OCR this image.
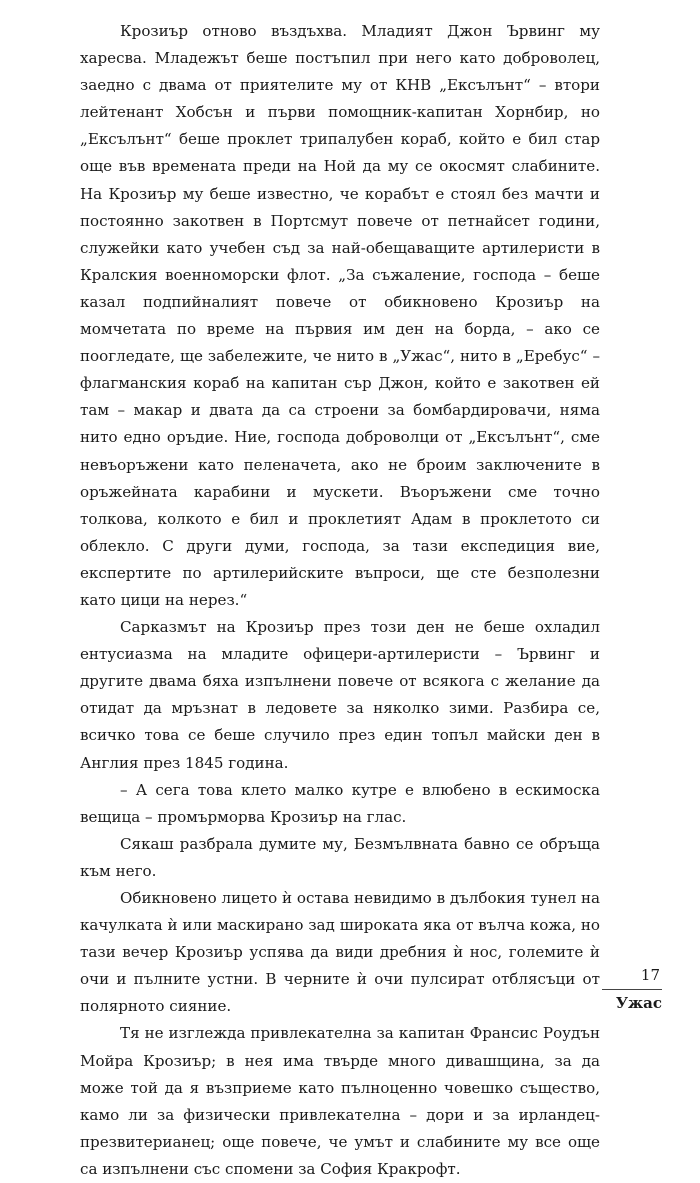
Крозиър отново въздъхва. Младият Джон Ървинг му харесва. Младежът беше постъпил при него като доброволец, заедно с двама от приятелите му от КНВ „Ексълънт“ – втори лейтенант Хобсън и първи помощник-капитан Хорнбир, но „Ексълънт“ беше проклет трипалубен кораб, който е бил стар още във времената преди на Ной да му се окосмят слабините. На Крозиър му беше известно, че корабът е стоял без мачти и постоянно закотвен в Портсмут повече от петнайсет години, служейки като учебен съд за най-обещаващите артилеристи в Кралския военноморски флот. „За съжаление, господа – беше казал подпийналият повече от обикновено Крозиър на момчетата по време на първия им ден на борда, – ако се поогледате, ще забележите, че нито в „Ужас“, нито в „Еребус“ – флагманския кораб на капитан сър Джон, който е закотвен ей там – макар и двата да са строени за бомбардировачи, няма нито едно оръдие. Ние, господа доброволци от „Ексълънт“, сме невъоръжени като пеленачета, ако не броим заключените в оръжейната карабини и мускети. Въоръжени сме точно толкова, колкото е бил и проклетият Адам в проклетото си облекло. С други думи, господа, за тази експедиция вие, експертите по артилерийските въпроси, ще сте безполезни като цици на нерез.“

Сарказмът на Крозиър през този ден не беше охладил ентусиазма на младите офицери-артилеристи – Ървинг и другите двама бяха изпълнени повече от всякога с желание да отидат да мръзнат в ледовете за няколко зими. Разбира се, всичко това се беше случило през един топъл майски ден в Англия през 1845 година.

– А сега това клето малко кутре е влюбено в ескимоска вещица – промърморва Крозиър на глас.

Сякаш разбрала думите му, Безмълвната бавно се обръща към него.

Обикновено лицето ѝ остава невидимо в дълбокия тунел на качулката ѝ или маскирано зад широката яка от вълча кожа, но тази вечер Крозиър успява да види дребния ѝ нос, големите ѝ очи и пълните устни. В черните ѝ очи пулсират отблясъци от полярното сияние.

Тя не изглежда привлекателна за капитан Франсис Роудън Мойра Крозиър; в нея има твърде много дивашщина, за да може той да я възприеме като пълноценно човешко същество, камо ли за физически привлекателна – дори и за ирландец-презвитерианец; още повече, че умът и слабините му все още са изпълнени със спомени за София Кракрофт.

17
Ужас
